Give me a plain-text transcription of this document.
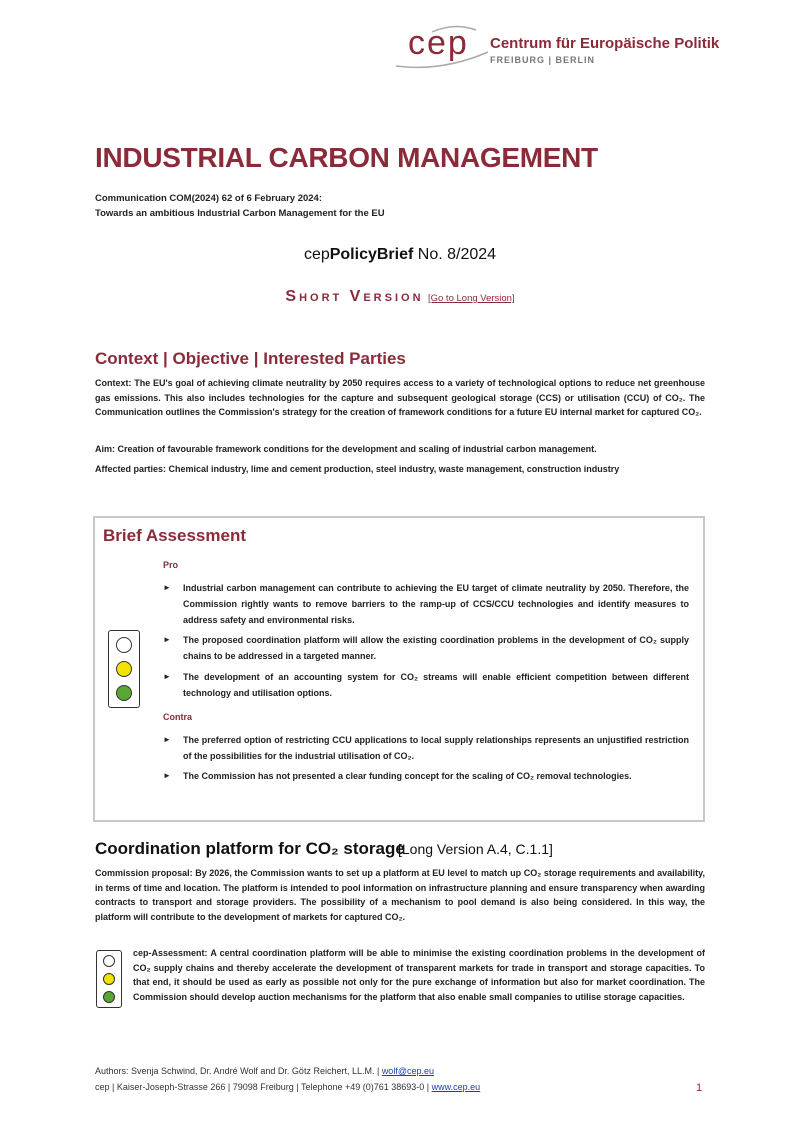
cep Centrum für Europäische Politik
FREIBURG | BERLIN
INDUSTRIAL CARBON MANAGEMENT
Communication COM(2024) 62 of 6 February 2024:
Towards an ambitious Industrial Carbon Management for the EU
cepPolicyBrief No. 8/2024
Short Version [Go to Long Version]
Context | Objective | Interested Parties
Context: The EU's goal of achieving climate neutrality by 2050 requires access to a variety of technological options to reduce net greenhouse gas emissions. This also includes technologies for the capture and subsequent geological storage (CCS) or utilisation (CCU) of CO₂. The Communication outlines the Commission's strategy for the creation of framework conditions for a future EU internal market for captured CO₂.
Aim: Creation of favourable framework conditions for the development and scaling of industrial carbon management.
Affected parties: Chemical industry, lime and cement production, steel industry, waste management, construction industry
Brief Assessment
Pro
► Industrial carbon management can contribute to achieving the EU target of climate neutrality by 2050. Therefore, the Commission rightly wants to remove barriers to the ramp-up of CCS/CCU technologies and identify measures to address safety and environmental risks.
► The proposed coordination platform will allow the existing coordination problems in the development of CO₂ supply chains to be addressed in a targeted manner.
► The development of an accounting system for CO₂ streams will enable efficient competition between different technology and utilisation options.
Contra
► The preferred option of restricting CCU applications to local supply relationships represents an unjustified restriction of the possibilities for the industrial utilisation of CO₂.
► The Commission has not presented a clear funding concept for the scaling of CO₂ removal technologies.
Coordination platform for CO₂ storage
[Long Version A.4, C.1.1]
Commission proposal: By 2026, the Commission wants to set up a platform at EU level to match up CO₂ storage requirements and availability, in terms of time and location. The platform is intended to pool information on infrastructure planning and ensure transparency when awarding contracts to transport and storage providers. The possibility of a mechanism to pool demand is also being considered. In this way, the platform will contribute to the development of markets for captured CO₂.
cep-Assessment: A central coordination platform will be able to minimise the existing coordination problems in the development of CO₂ supply chains and thereby accelerate the development of transparent markets for trade in transport and storage capacities. To that end, it should be used as early as possible not only for the pure exchange of information but also for market coordination. The Commission should develop auction mechanisms for the platform that also enable small companies to utilise storage capacities.
Authors: Svenja Schwind, Dr. André Wolf and Dr. Götz Reichert, LL.M. | wolf@cep.eu
cep | Kaiser-Joseph-Strasse 266 | 79098 Freiburg | Telephone +49 (0)761 38693-0 | www.cep.eu	1
